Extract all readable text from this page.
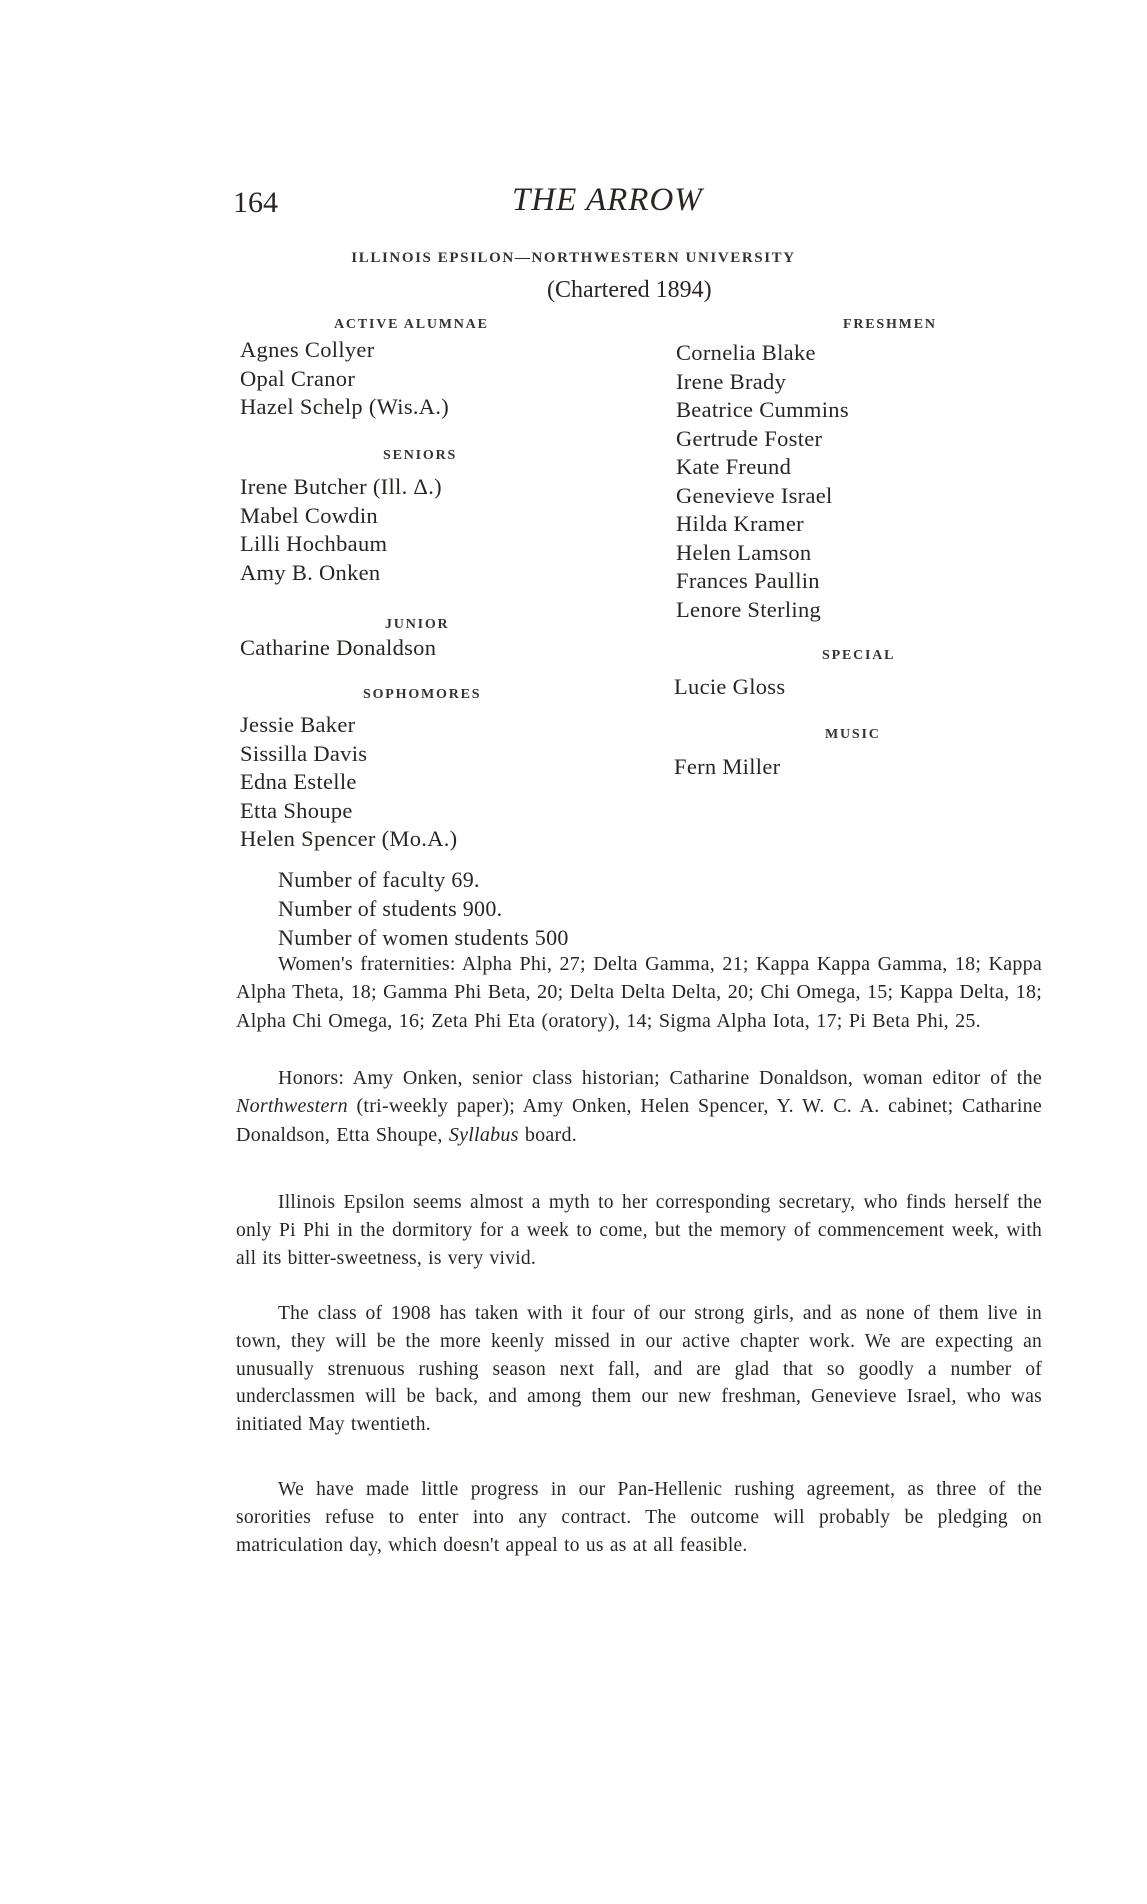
164	THE ARROW
ILLINOIS EPSILON—NORTHWESTERN UNIVERSITY
(Chartered 1894)
ACTIVE ALUMNAE
Agnes Collyer
Opal Cranor
Hazel Schelp (Wis.A.)
SENIORS
Irene Butcher (Ill. Δ.)
Mabel Cowdin
Lilli Hochbaum
Amy B. Onken
JUNIOR
Catharine Donaldson
SOPHOMORES
Jessie Baker
Sissilla Davis
Edna Estelle
Etta Shoupe
Helen Spencer (Mo.A.)
FRESHMEN
Cornelia Blake
Irene Brady
Beatrice Cummins
Gertrude Foster
Kate Freund
Genevieve Israel
Hilda Kramer
Helen Lamson
Frances Paullin
Lenore Sterling
SPECIAL
Lucie Gloss
MUSIC
Fern Miller
Number of faculty 69.
Number of students 900.
Number of women students 500

Women's fraternities: Alpha Phi, 27; Delta Gamma, 21; Kappa Kappa Gamma, 18; Kappa Alpha Theta, 18; Gamma Phi Beta, 20; Delta Delta Delta, 20; Chi Omega, 15; Kappa Delta, 18; Alpha Chi Omega, 16; Zeta Phi Eta (oratory), 14; Sigma Alpha Iota, 17; Pi Beta Phi, 25.

Honors: Amy Onken, senior class historian; Catharine Donaldson, woman editor of the Northwestern (tri-weekly paper); Amy Onken, Helen Spencer, Y. W. C. A. cabinet; Catharine Donaldson, Etta Shoupe, Syllabus board.

Illinois Epsilon seems almost a myth to her corresponding secretary, who finds herself the only Pi Phi in the dormitory for a week to come, but the memory of commencement week, with all its bitter-sweetness, is very vivid.

The class of 1908 has taken with it four of our strong girls, and as none of them live in town, they will be the more keenly missed in our active chapter work. We are expecting an unusually strenuous rushing season next fall, and are glad that so goodly a number of underclassmen will be back, and among them our new freshman, Genevieve Israel, who was initiated May twentieth.

We have made little progress in our Pan-Hellenic rushing agreement, as three of the sororities refuse to enter into any contract. The outcome will probably be pledging on matriculation day, which doesn't appeal to us as at all feasible.
